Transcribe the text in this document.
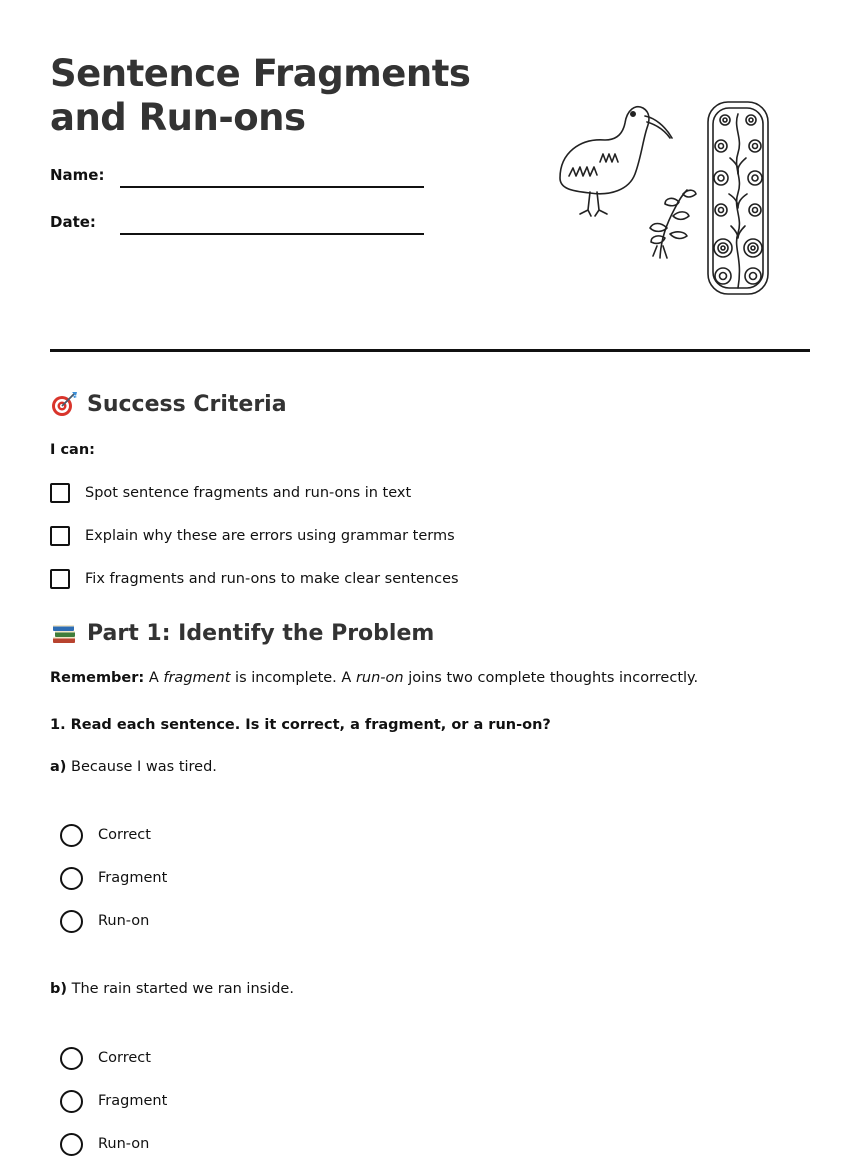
Sentence Fragments
and Run-ons
Name:
Date:
Success Criteria
I can:
Spot sentence fragments and run-ons in text
Explain why these are errors using grammar terms
Fix fragments and run-ons to make clear sentences
Part 1: Identify the Problem
Remember: A fragment is incomplete. A run-on joins two complete thoughts incorrectly.
1. Read each sentence. Is it correct, a fragment, or a run-on?
a) Because I was tired.
Correct
Fragment
Run-on
b) The rain started we ran inside.
Correct
Fragment
Run-on
